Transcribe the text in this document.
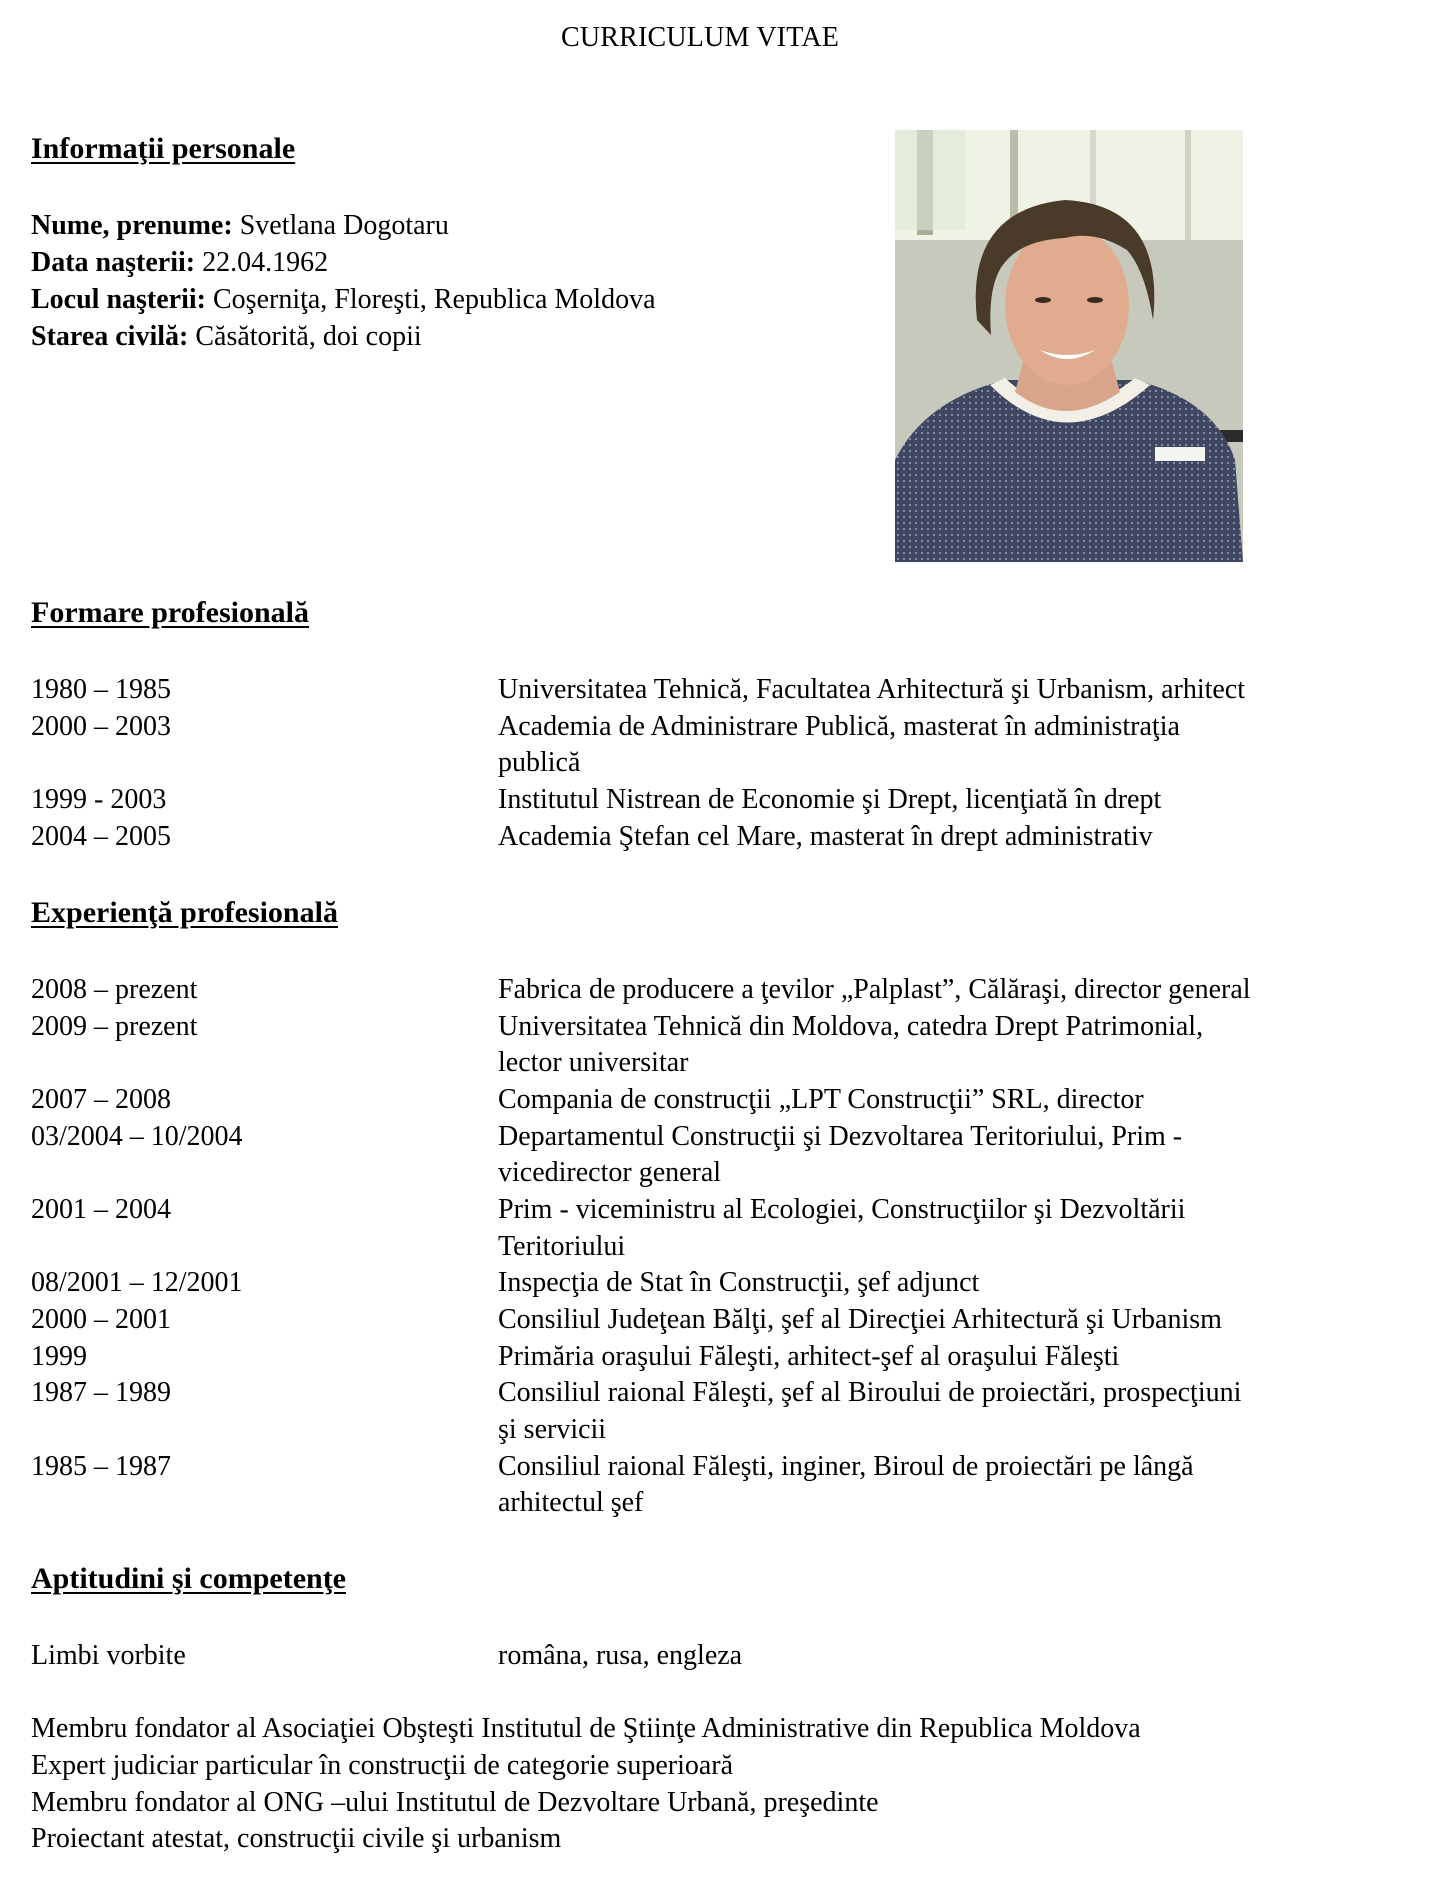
CURRICULUM VITAE
Informaţii personale
Nume, prenume: Svetlana Dogotaru
Data naşterii: 22.04.1962
Locul naşterii: Coşerniţa, Floreşti, Republica Moldova
Starea civilă: Căsătorită, doi copii
Formare profesională
1980 – 1985	Universitatea Tehnică, Facultatea Arhitectură şi Urbanism, arhitect
2000 – 2003	Academia de Administrare Publică, masterat în administraţia
publică
1999 - 2003	Institutul Nistrean de Economie şi Drept, licenţiată în drept
2004 – 2005	Academia Ştefan cel Mare, masterat în drept administrativ
Experienţă profesională
2008 – prezent	Fabrica de producere a ţevilor „Palplast”, Călăraşi, director general
2009 – prezent	Universitatea Tehnică din Moldova, catedra Drept Patrimonial,
lector universitar
2007 – 2008	Compania de construcţii „LPT Construcţii” SRL, director
03/2004 – 10/2004	Departamentul Construcţii şi Dezvoltarea Teritoriului, Prim -
vicedirector general
2001 – 2004	Prim - viceministru al Ecologiei, Construcţiilor şi Dezvoltării
Teritoriului
08/2001 – 12/2001	Inspecţia de Stat în Construcţii, şef adjunct
2000 – 2001	Consiliul Judeţean Bălţi, şef al Direcţiei Arhitectură şi Urbanism
1999	Primăria oraşului Făleşti, arhitect-şef al oraşului Făleşti
1987 – 1989	Consiliul raional Făleşti, şef al Biroului de proiectări, prospecţiuni
şi servicii
1985 – 1987	Consiliul raional Făleşti, inginer, Biroul de proiectări pe lângă
arhitectul şef
Aptitudini şi competenţe
Limbi vorbite	româna, rusa, engleza
Membru fondator al Asociaţiei Obşteşti Institutul de Ştiinţe Administrative din Republica Moldova
Expert judiciar particular în construcţii de categorie superioară
Membru fondator al ONG –ului Institutul de Dezvoltare Urbană, preşedinte
Proiectant atestat, construcţii civile şi urbanism
